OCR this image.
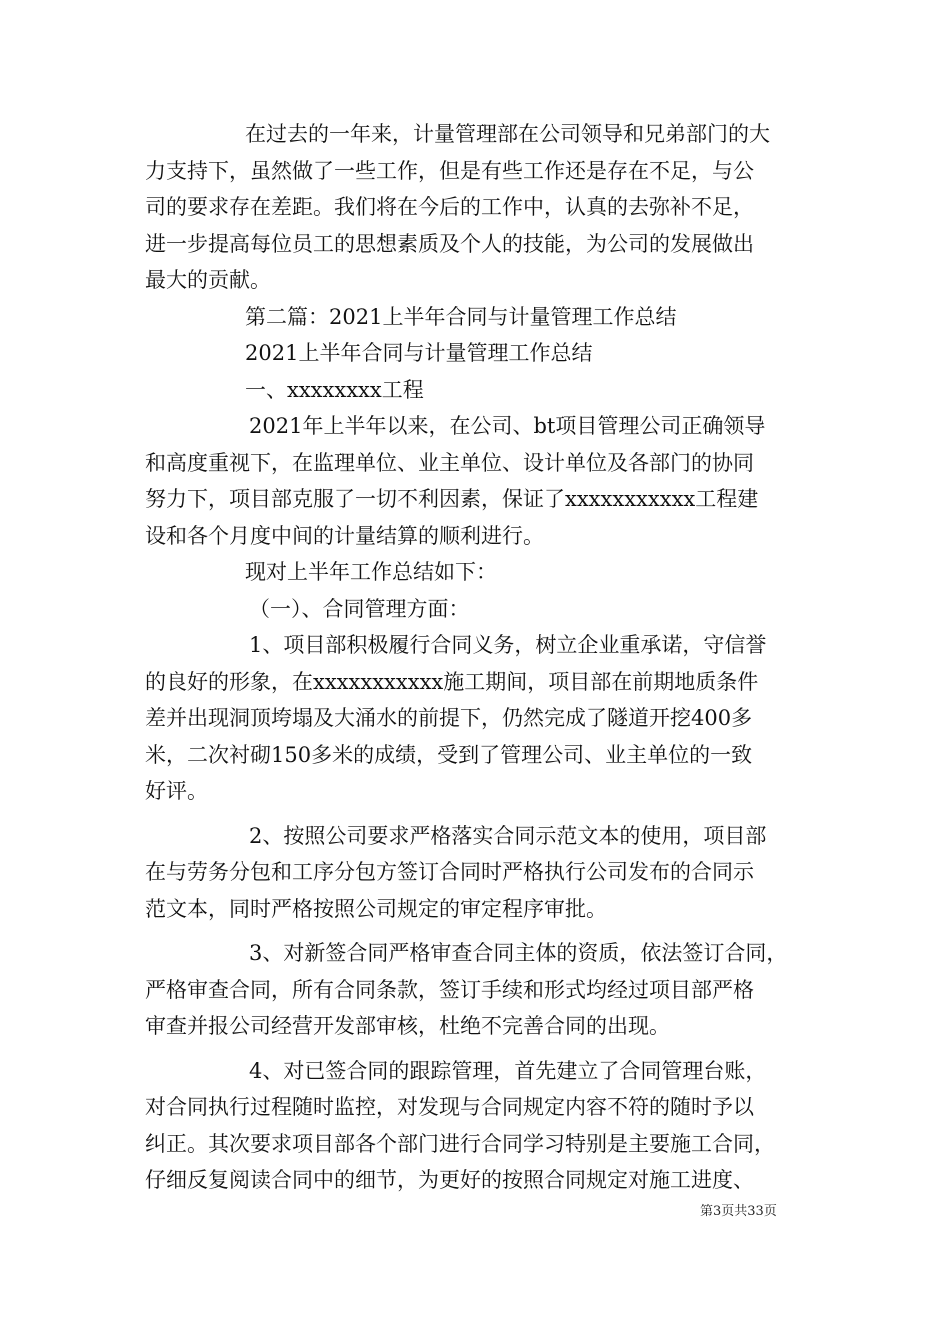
在过去的一年来，计量管理部在公司领导和兄弟部门的大
力支持下，虽然做了一些工作，但是有些工作还是存在不足，与公
司的要求存在差距。我们将在今后的工作中，认真的去弥补不足，
进一步提高每位员工的思想素质及个人的技能，为公司的发展做出
最大的贡献。
第二篇：2021上半年合同与计量管理工作总结
2021上半年合同与计量管理工作总结
一、xxxxxxxx工程
2021年上半年以来，在公司、bt项目管理公司正确领导
和高度重视下，在监理单位、业主单位、设计单位及各部门的协同
努力下，项目部克服了一切不利因素，保证了xxxxxxxxxxx工程建
设和各个月度中间的计量结算的顺利进行。
现对上半年工作总结如下：
（一）、合同管理方面：
1、项目部积极履行合同义务，树立企业重承诺，守信誉
的良好的形象，在xxxxxxxxxxx施工期间，项目部在前期地质条件
差并出现洞顶垮塌及大涌水的前提下，仍然完成了隧道开挖400多
米，二次衬砌150多米的成绩，受到了管理公司、业主单位的一致
好评。
2、按照公司要求严格落实合同示范文本的使用，项目部
在与劳务分包和工序分包方签订合同时严格执行公司发布的合同示
范文本，同时严格按照公司规定的审定程序审批。
3、对新签合同严格审查合同主体的资质，依法签订合同，
严格审查合同，所有合同条款，签订手续和形式均经过项目部严格
审查并报公司经营开发部审核，杜绝不完善合同的出现。
4、对已签合同的跟踪管理，首先建立了合同管理台账，
对合同执行过程随时监控，对发现与合同规定内容不符的随时予以
纠正。其次要求项目部各个部门进行合同学习特别是主要施工合同，
仔细反复阅读合同中的细节，为更好的按照合同规定对施工进度、
第3页共33页
